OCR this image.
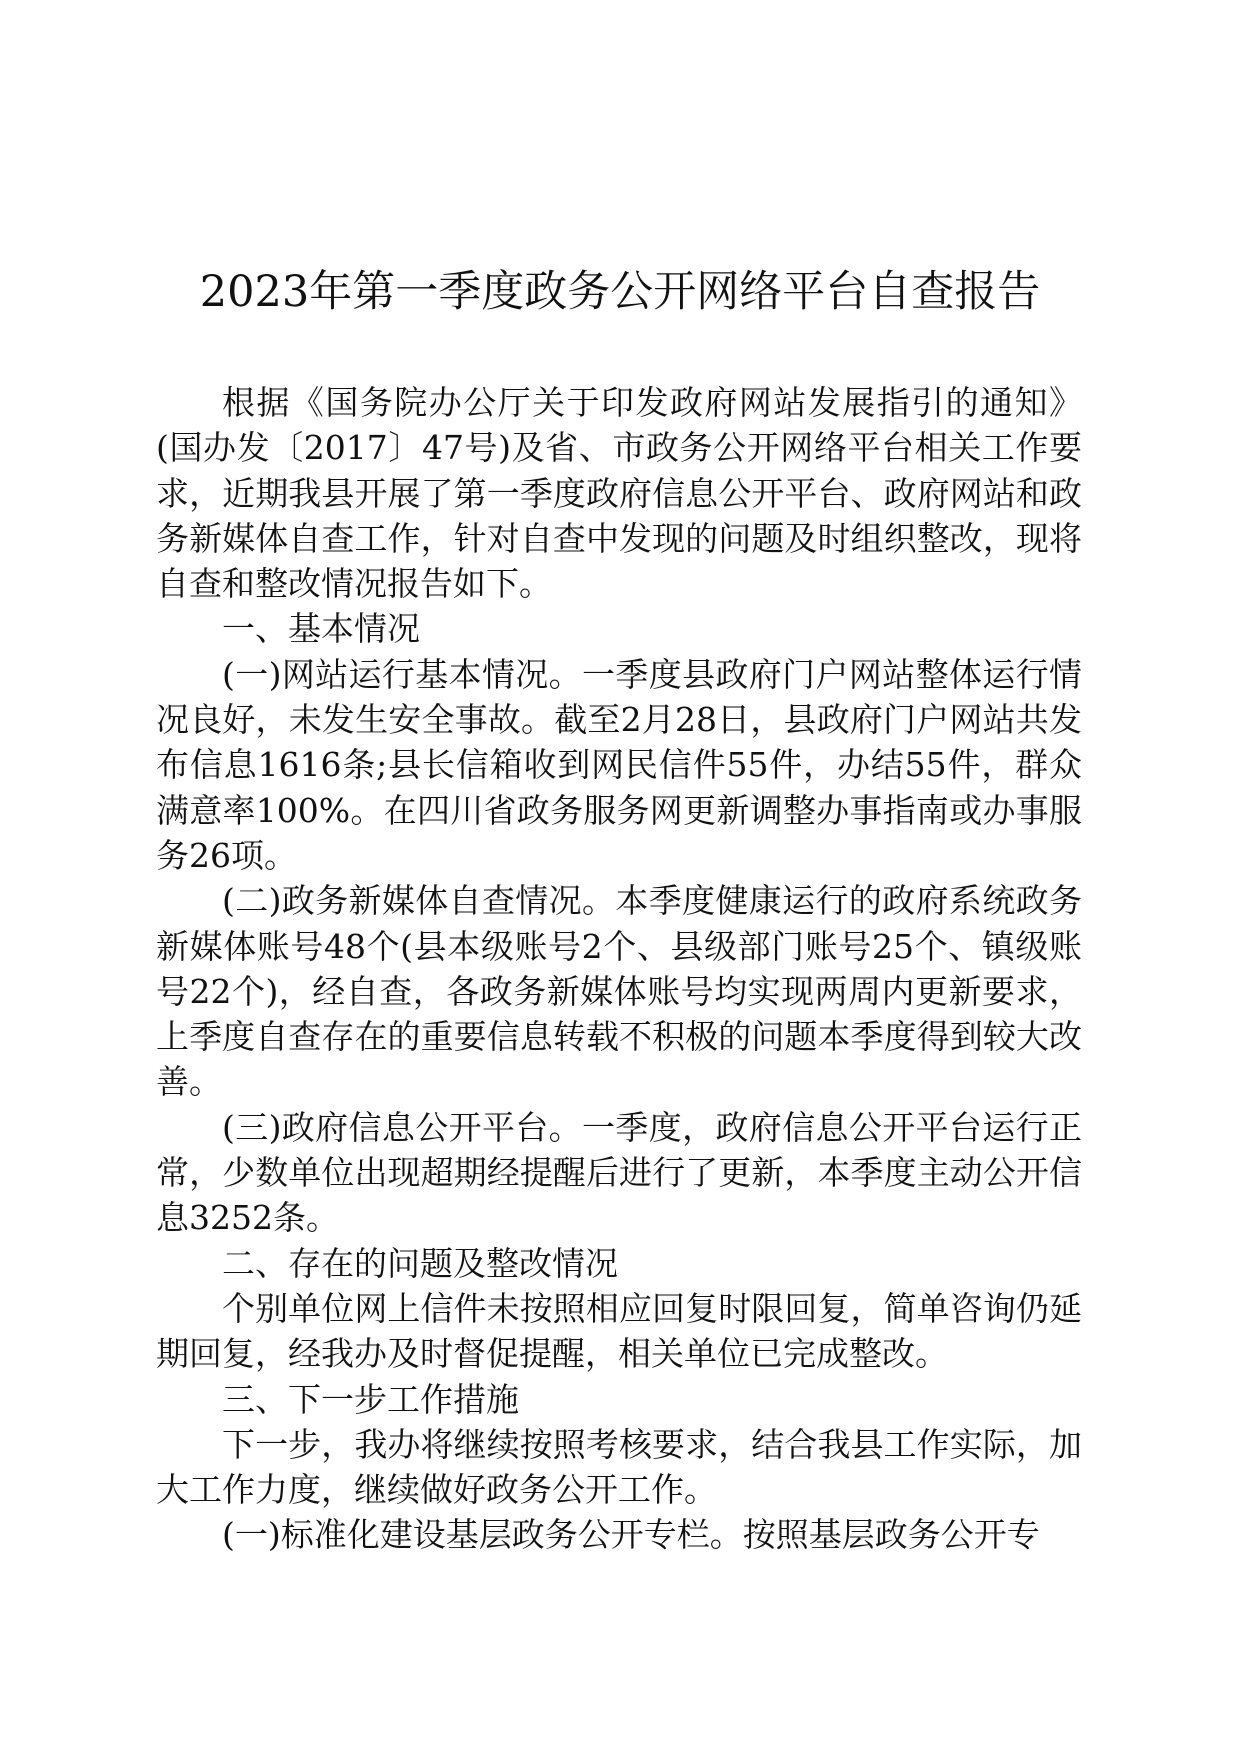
2023年第一季度政务公开网络平台自查报告

根据《国务院办公厅关于印发政府网站发展指引的通知》(国办发〔2017〕47号)及省、市政务公开网络平台相关工作要求，近期我县开展了第一季度政府信息公开平台、政府网站和政务新媒体自查工作，针对自查中发现的问题及时组织整改，现将自查和整改情况报告如下。

一、基本情况

(一)网站运行基本情况。一季度县政府门户网站整体运行情况良好，未发生安全事故。截至2月28日，县政府门户网站共发布信息1616条;县长信箱收到网民信件55件，办结55件，群众满意率100%。在四川省政务服务网更新调整办事指南或办事服务26项。

(二)政务新媒体自查情况。本季度健康运行的政府系统政务新媒体账号48个(县本级账号2个、县级部门账号25个、镇级账号22个)，经自查，各政务新媒体账号均实现两周内更新要求，上季度自查存在的重要信息转载不积极的问题本季度得到较大改善。

(三)政府信息公开平台。一季度，政府信息公开平台运行正常，少数单位出现超期经提醒后进行了更新，本季度主动公开信息3252条。

二、存在的问题及整改情况

个别单位网上信件未按照相应回复时限回复，简单咨询仍延期回复，经我办及时督促提醒，相关单位已完成整改。

三、下一步工作措施

下一步，我办将继续按照考核要求，结合我县工作实际，加大工作力度，继续做好政务公开工作。

(一)标准化建设基层政务公开专栏。按照基层政务公开专
